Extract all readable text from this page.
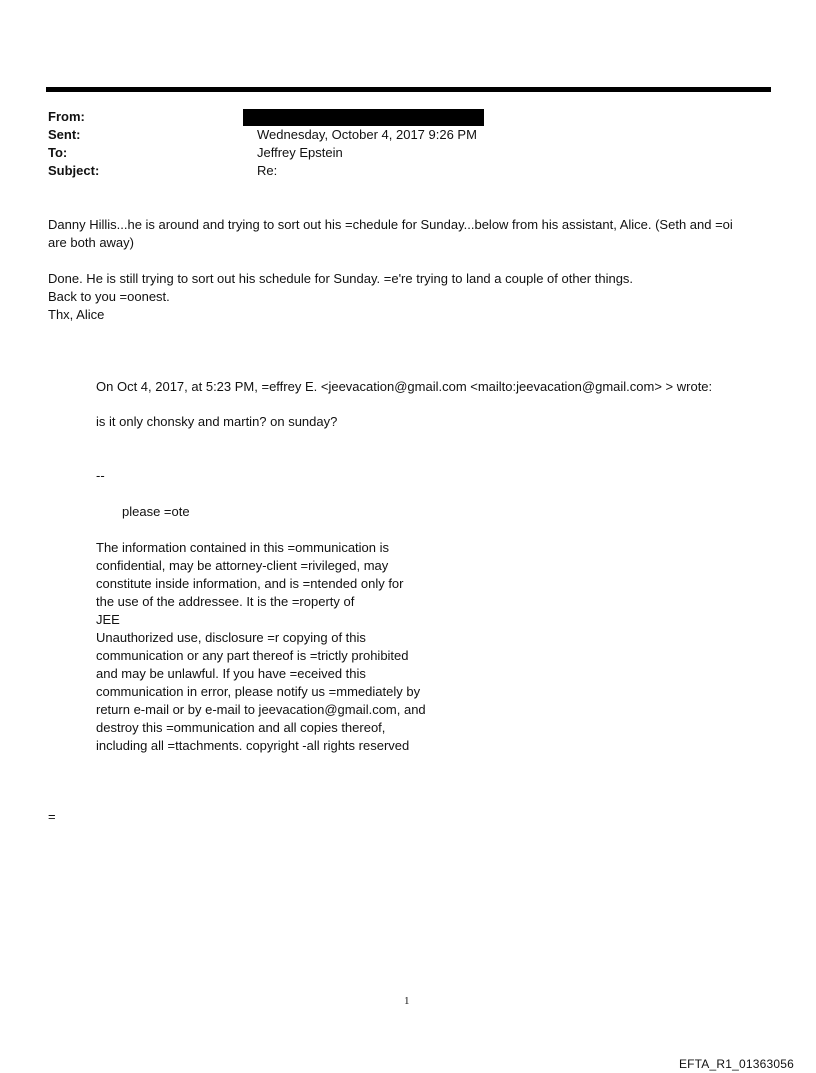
From:
Sent:	Wednesday, October 4, 2017 9:26 PM
To:	Jeffrey Epstein
Subject:	Re:
Danny Hillis...he is around and trying to sort out his =chedule for Sunday...below from his assistant, Alice. (Seth and =oi
are both away)
Done. He is still trying to sort out his schedule for Sunday. =e're trying to land a couple of other things.
Back to you =oonest.
Thx, Alice
On Oct 4, 2017, at 5:23 PM, =effrey E. <jeevacation@gmail.com <mailto:jeevacation@gmail.com> > wrote:
is it only chonsky and martin? on sunday?
--
please =ote
The information contained in this =ommunication is
confidential, may be attorney-client =rivileged, may
constitute inside information, and is =ntended only for
the use of the addressee. It is the =roperty of
JEE
Unauthorized use, disclosure =r copying of this
communication or any part thereof is =trictly prohibited
and may be unlawful. If you have =eceived this
communication in error, please notify us =mmediately by
return e-mail or by e-mail to jeevacation@gmail.com, and
destroy this =ommunication and all copies thereof,
including all =ttachments. copyright -all rights reserved
=
1
EFTA_R1_01363056
